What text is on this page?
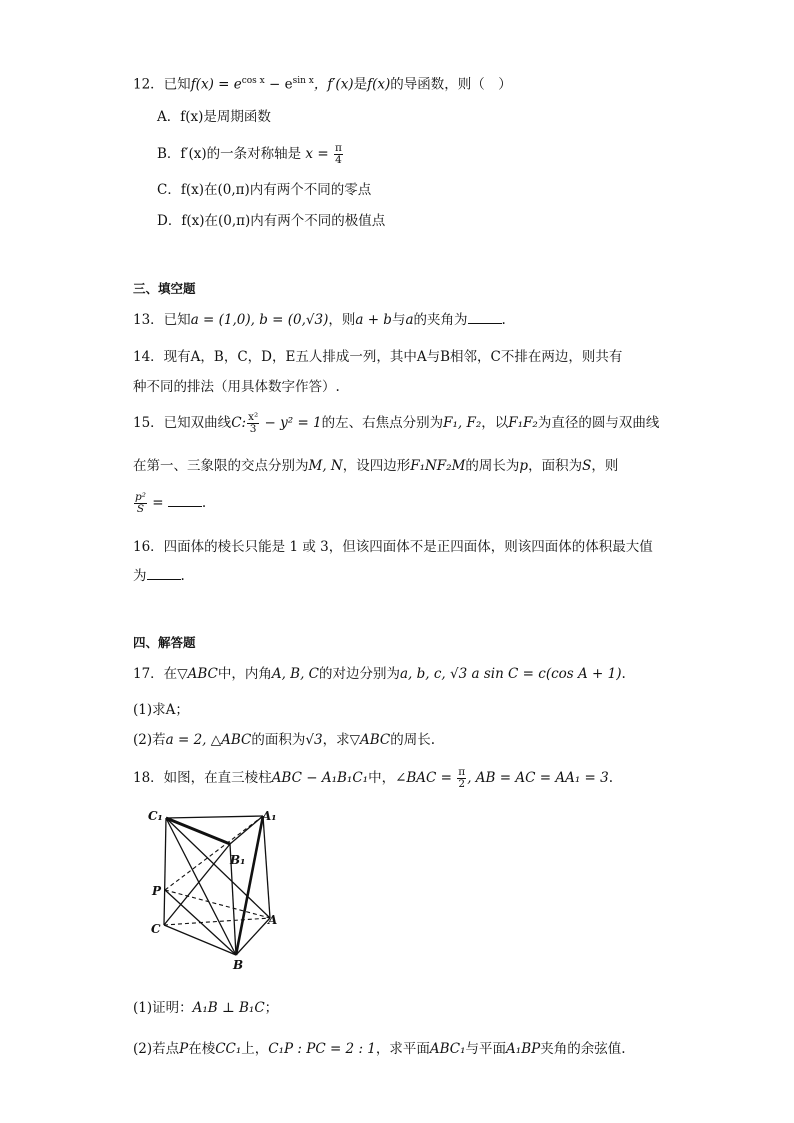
12．已知$f(x) = e^{cos x} - e^{sin x}$，f′(x)是f(x)的导函数，则（　）
A．f(x)是周期函数
B．f′(x)的一条对称轴是 $x = \frac{\pi}{4}$
C．f(x)在(0,π)内有两个不同的零点
D．f(x)在(0,π)内有两个不同的极值点
三、填空题
13．已知a = (1,0), b = (0,√3)，则a + b与a的夹角为	.
14．现有A，B，C，D，E五人排成一列，其中A与B相邻，C不排在两边，则共有
种不同的排法（用具体数字作答）.
15．已知双曲线C: $\frac{\text{x²}}{3} - y^2 = 1$的左、右焦点分别为F₁, F₂，以F₁F₂为直径的圆与双曲线
在第一、三象限的交点分别为M, N，设四边形F₁NF₂M的周长为p，面积为S，则
$\frac{\text{p²}}{S}$ =	.
16．四面体的棱长只能是 1 或 3，但该四面体不是正四面体，则该四面体的体积最大值
为	.
四、解答题
17．在▽ABC中，内角A, B, C的对边分别为a, b, c, √3 a sin C = c(cos A + 1).
(1)求A；
(2)若a = 2, △ABC的面积为√3，求▽ABC的周长.
18．如图，在直三棱柱ABC − A₁B₁C₁中，∠BAC = $\frac{\pi}{2}$ , AB = AC = AA₁ = 3.
C₁	A₁
B₁
P
C
A
B
(1)证明：A₁B ⊥ B₁C；
(2)若点P在棱CC₁上，C₁P : PC = 2 : 1，求平面ABC₁与平面A₁BP夹角的余弦值.
